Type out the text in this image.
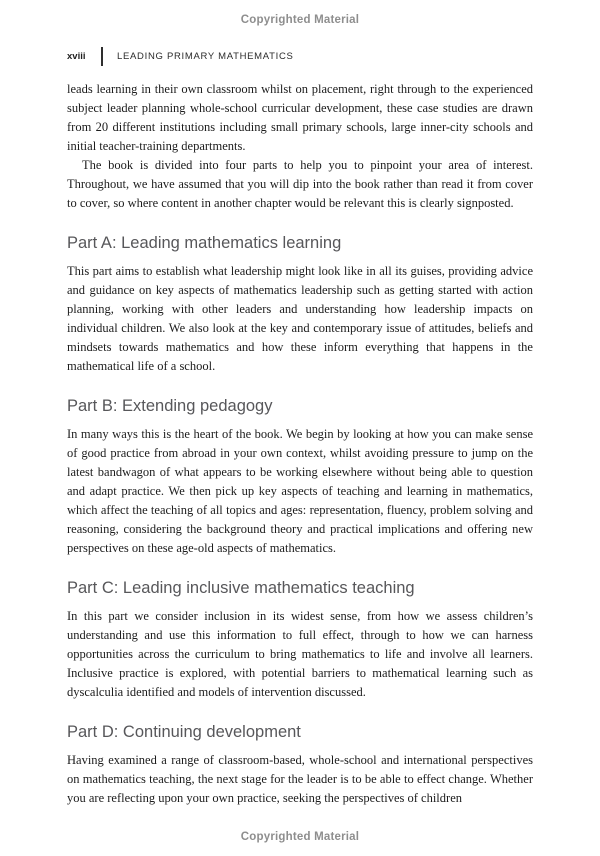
Copyrighted Material
xviii	LEADING PRIMARY MATHEMATICS

leads learning in their own classroom whilst on placement, right through to the experienced subject leader planning whole-school curricular development, these case studies are drawn from 20 different institutions including small primary schools, large inner-city schools and initial teacher-training departments.

The book is divided into four parts to help you to pinpoint your area of interest. Throughout, we have assumed that you will dip into the book rather than read it from cover to cover, so where content in another chapter would be relevant this is clearly signposted.

Part A: Leading mathematics learning

This part aims to establish what leadership might look like in all its guises, providing advice and guidance on key aspects of mathematics leadership such as getting started with action planning, working with other leaders and understanding how leadership impacts on individual children. We also look at the key and contemporary issue of attitudes, beliefs and mindsets towards mathematics and how these inform everything that happens in the mathematical life of a school.

Part B: Extending pedagogy

In many ways this is the heart of the book. We begin by looking at how you can make sense of good practice from abroad in your own context, whilst avoiding pressure to jump on the latest bandwagon of what appears to be working elsewhere without being able to question and adapt practice. We then pick up key aspects of teaching and learning in mathematics, which affect the teaching of all topics and ages: representation, fluency, problem solving and reasoning, considering the background theory and practical implications and offering new perspectives on these age-old aspects of mathematics.

Part C: Leading inclusive mathematics teaching

In this part we consider inclusion in its widest sense, from how we assess children’s understanding and use this information to full effect, through to how we can harness opportunities across the curriculum to bring mathematics to life and involve all learners. Inclusive practice is explored, with potential barriers to mathematical learning such as dyscalculia identified and models of intervention discussed.

Part D: Continuing development

Having examined a range of classroom-based, whole-school and international perspectives on mathematics teaching, the next stage for the leader is to be able to effect change. Whether you are reflecting upon your own practice, seeking the perspectives of children

Copyrighted Material
